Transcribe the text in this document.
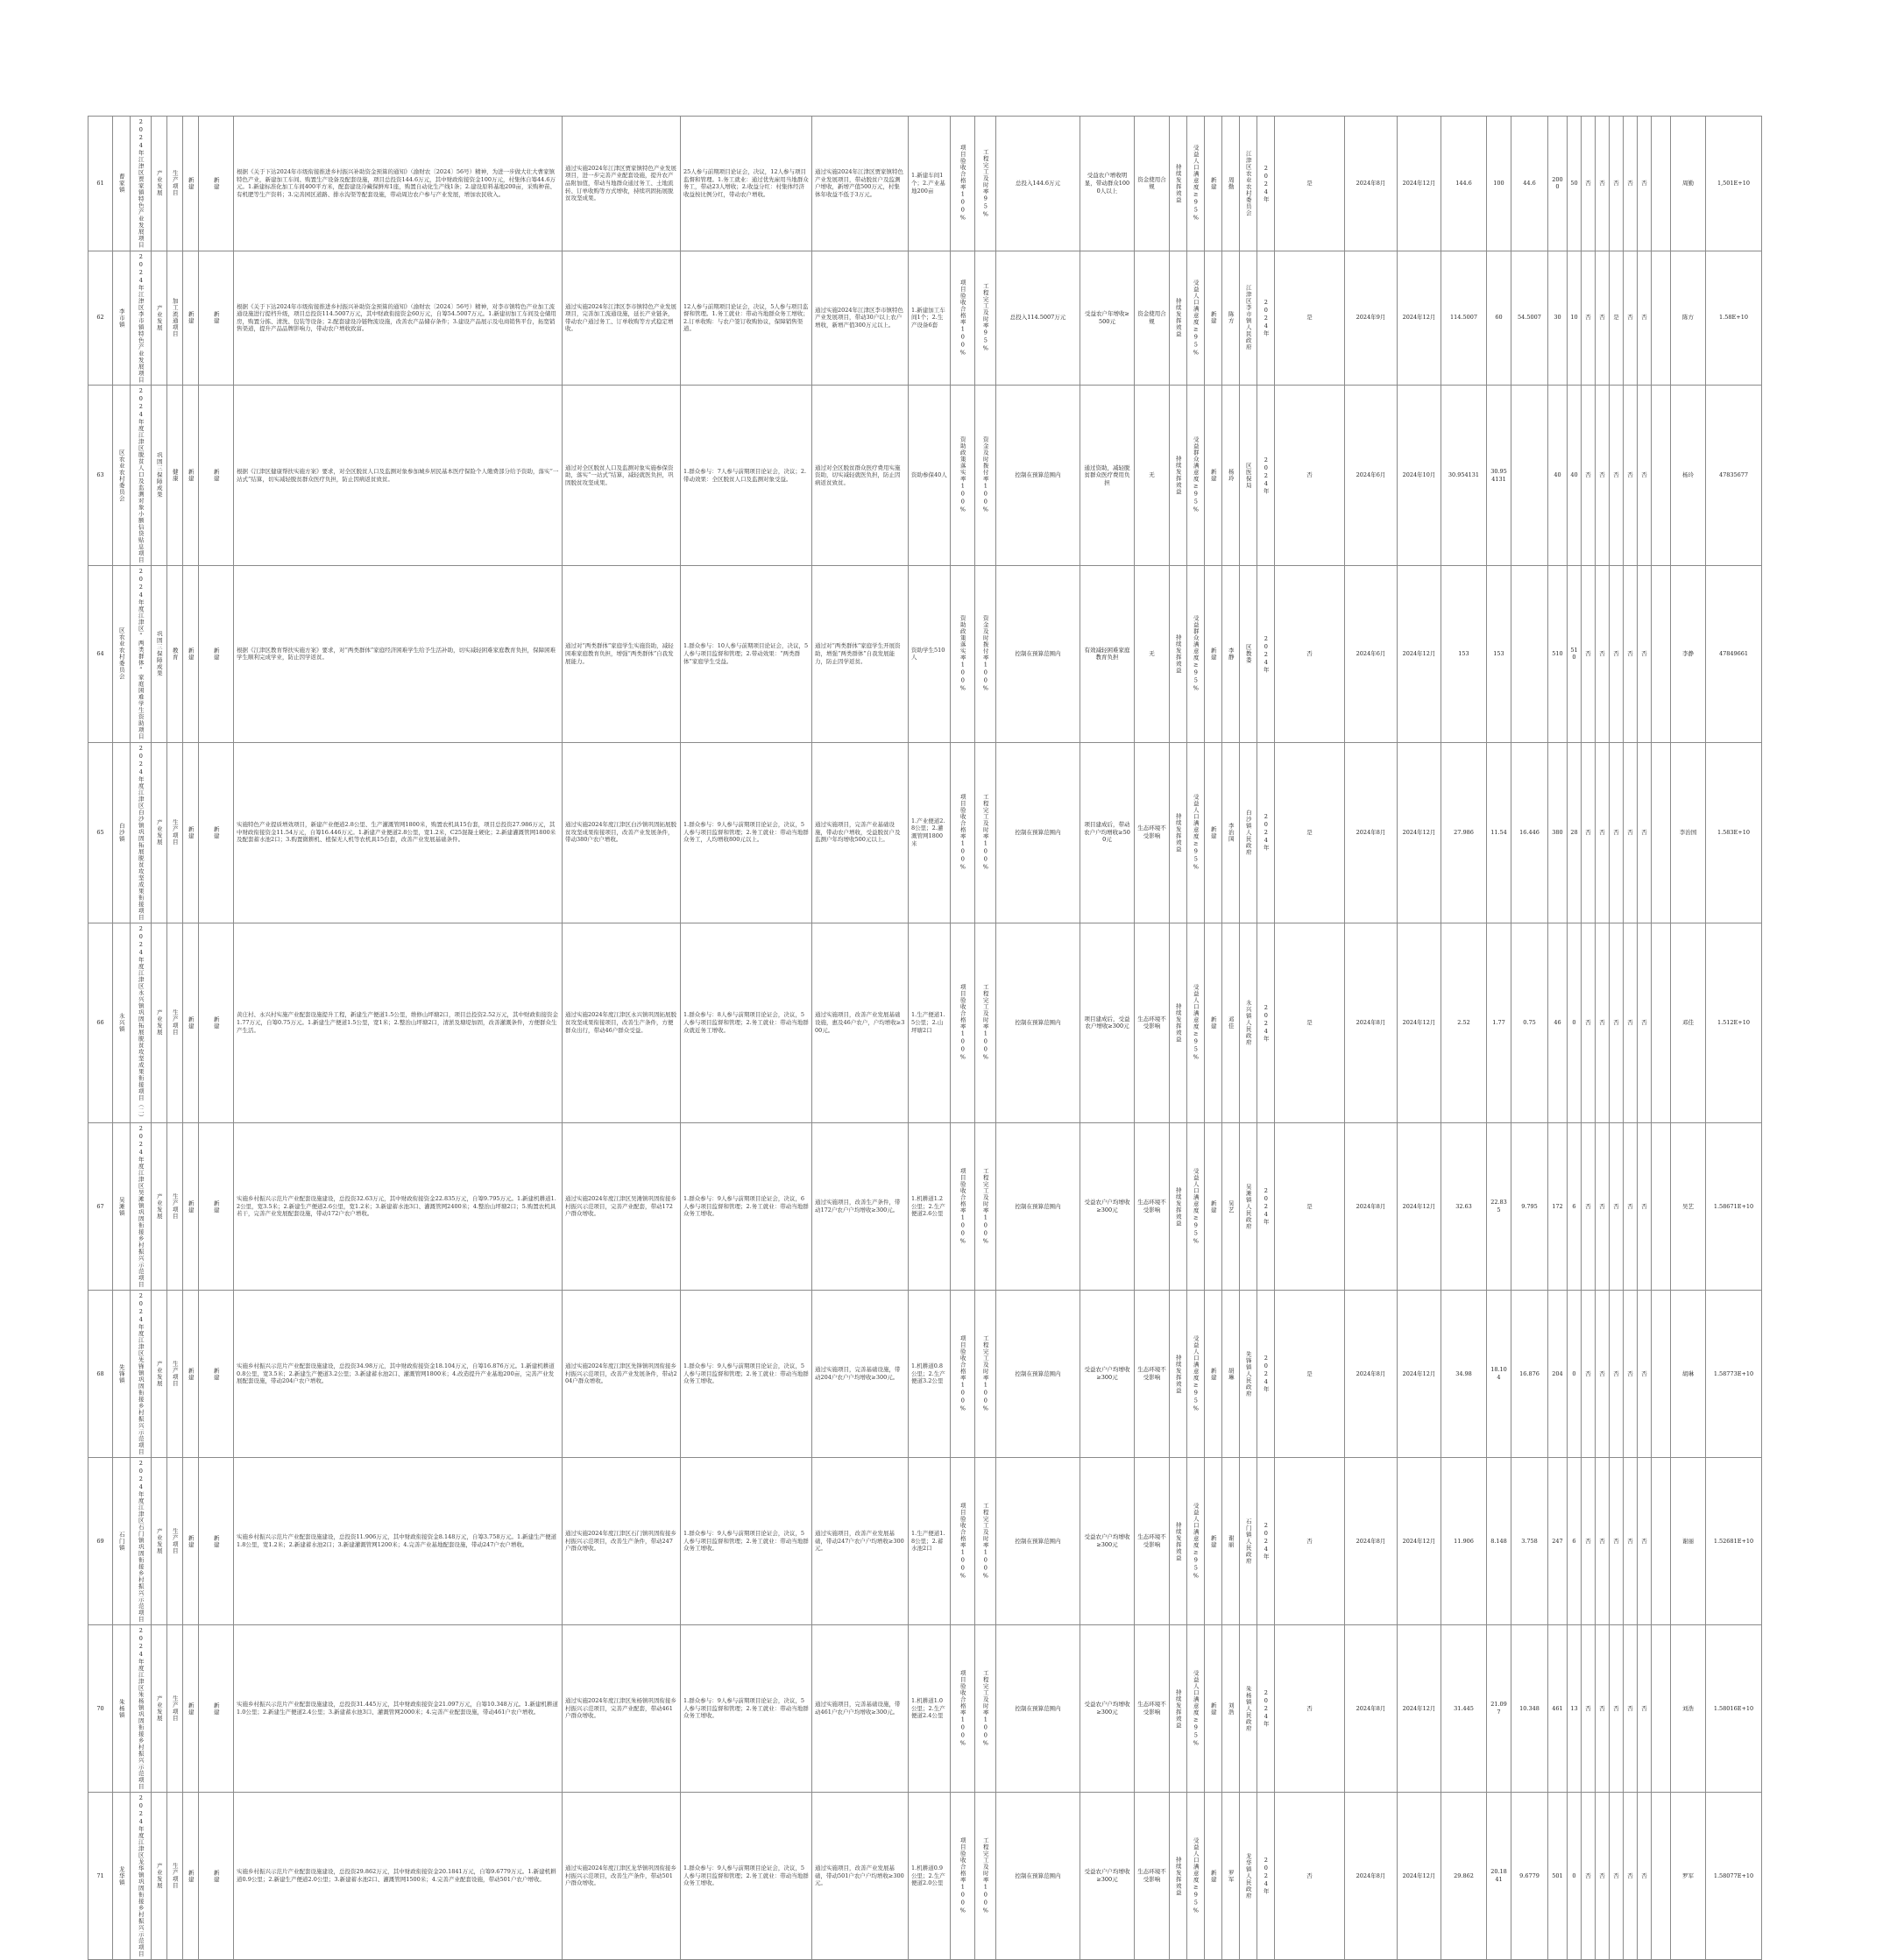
61	曹家镇	2024年江津区贾家镇特色产业发展项目	产业发展	生产项目	新建	新建	根据《关于下达2024年市级衔接推进乡村振兴补助资金预算的通知》（渝财农〔2024〕56号）精神，为进一步做大壮大曹家镇特色产业，新建加工车间、购置生产设备及配套设施，项目总投资144.6万元，其中财政衔接资金100万元，村集体自筹44.6万元。1.新建标准化加工车间400平方米，配套建设冷藏保鲜库1座，购置自动化生产线1条；2.建设原料基地200亩，采购种苗、有机肥等生产资料；3.完善园区道路、排水沟渠等配套设施，带动周边农户参与产业发展，增加农民收入。	通过实施2024年江津区贾家镇特色产业发展项目，进一步完善产业配套设施，提升农产品附加值，带动当地群众通过务工、土地流转、订单收购等方式增收，持续巩固拓展脱贫攻坚成果。	25人参与前期项目论证会，决议，12人参与项目监督和管理。1.务工就业：通过优先雇用当地群众务工，带动23人增收；2.收益分红：村集体经济收益按比例分红，带动农户增收。	通过实施2024年江津区贾家镇特色产业发展项目，带动脱贫户及监测户增收，新增产值500万元，村集体年收益不低于3万元。	1.新建车间1个；2.产业基地200亩	项目验收合格率100%	工程完工及时率95%	总投入144.6万元	受益农户增收明显，带动群众1000人以上	资金使用合规	持续发挥效益	受益人口满意度≥95%	新建	周勤	江津区农业农村委员会	2024年	是	2024年8月	2024年12月	144.6	100	44.6	2000	50	否	否	否	否	否		周勤	1,501E+10
62	李市镇	2024年江津区李市镇特色产业发展项目	产业发展	加工流通项目	新建	新建	根据《关于下达2024年市级衔接推进乡村振兴补助资金预算的通知》（渝财农〔2024〕56号）精神，对李市镇特色产业加工流通设施进行提档升级，项目总投资114.5007万元，其中财政衔接资金60万元，自筹54.5007万元。1.新建初加工车间及仓储用房，购置分拣、清洗、包装等设备；2.配套建设冷链物流设施，改善农产品储存条件；3.建设产品展示及电商销售平台，拓宽销售渠道，提升产品品牌影响力，带动农户增收致富。	通过实施2024年江津区李市镇特色产业发展项目，完善加工流通设施，延长产业链条，带动农户通过务工、订单收购等方式稳定增收。	12人参与前期项目论证会，决议，5人参与项目监督和管理。1.务工就业：带动当地群众务工增收；2.订单收购：与农户签订收购协议，保障销售渠道。	通过实施2024年江津区李市镇特色产业发展项目，带动30户以上农户增收，新增产值300万元以上。	1.新建加工车间1个；2.生产设备6套	项目验收合格率100%	工程完工及时率95%	总投入114.5007万元	受益农户年增收≥500元	资金使用合规	持续发挥效益	受益人口满意度≥95%	新建	陈方	江津区李市镇人民政府	2024年	是	2024年9月	2024年12月	114.5007	60	54.5007	30	10	否	否	是	否	否		陈方	1.58E+10
63	区农业农村委员会	2024年度江津区脱贫人口及监测对象小额信贷贴息项目	巩固三保障成果	健康	新建	新建	根据《江津区健康帮扶实施方案》要求，对全区脱贫人口及监测对象参加城乡居民基本医疗保险个人缴费部分给予资助，落实“一站式”结算，切实减轻脱贫群众医疗负担，防止因病返贫致贫。	通过对全区脱贫人口及监测对象实施参保资助，落实“一站式”结算，减轻就医负担，巩固脱贫攻坚成果。	1.群众参与：7人参与前期项目论证会，决议；2.带动效果：全区脱贫人口及监测对象受益。	通过对全区脱贫群众医疗费用实施资助，切实减轻就医负担，防止因病返贫致贫。	资助参保40人	资助政策落实率100%	资金及时拨付率100%	控制在预算范围内	通过资助，减轻脱贫群众医疗费用负担	无	持续发挥效益	受益群众满意度≥95%	新建	杨玲	区医保局	2024年	否	2024年6月	2024年10月	30.954131	30.954131		40	40	否	否	否	否	否		杨玲	47835677
64	区农业农村委员会	2024年度江津区“两类群体”家庭困难学生资助项目	巩固三保障成果	教育	新建	新建	根据《江津区教育帮扶实施方案》要求，对“两类群体”家庭经济困难学生给予生活补助，切实减轻困难家庭教育负担，保障困难学生顺利完成学业，防止因学返贫。	通过对“两类群体”家庭学生实施资助，减轻困难家庭教育负担，增强“两类群体”自我发展能力。	1.群众参与：10人参与前期项目论证会，决议，5人参与项目监督和管理；2.带动效果：“两类群体”家庭学生受益。	通过对“两类群体”家庭学生开展资助，增强“两类群体”自我发展能力，防止因学返贫。	资助学生510人	资助政策落实率100%	资金及时拨付率100%	控制在预算范围内	有效减轻困难家庭教育负担	无	持续发挥效益	受益群众满意度≥95%	新建	李静	区教委	2024年	否	2024年6月	2024年12月	153	153		510	510	否	否	否	否	否		李静	47849661
65	白沙镇	2024年度江津区白沙镇巩固拓展脱贫攻坚成果衔接项目	产业发展	生产项目	新建	新建	实施特色产业提质增效项目，新建产业便道2.8公里、生产灌溉管网1800米，购置农机具15台套，项目总投资27.986万元，其中财政衔接资金11.54万元，自筹16.446万元。1.新建产业便道2.8公里，宽1.2米，C25混凝土硬化；2.新建灌溉管网1800米及配套蓄水池2口；3.购置微耕机、植保无人机等农机具15台套，改善产业发展基础条件。	通过实施2024年度江津区白沙镇巩固拓展脱贫攻坚成果衔接项目，改善产业发展条件，带动380户农户增收。	1.群众参与：9人参与前期项目论证会，决议，5人参与项目监督和管理；2.务工就业：带动当地群众务工，人均增收800元以上。	通过实施项目，完善产业基础设施，带动农户增收，受益脱贫户及监测户年均增收500元以上。	1.产业便道2.8公里；2.灌溉管网1800米	项目验收合格率100%	工程完工及时率100%	控制在预算范围内	项目建成后，带动农户户均增收≥500元	生态环境不受影响	持续发挥效益	受益人口满意度≥95%	新建	李治国	白沙镇人民政府	2024年	是	2024年8月	2024年12月	27.986	11.54	16.446	380	28	否	否	否	否	否		李治国	1.583E+10
66	永兴镇	2024年度江津区永兴镇巩固拓展脱贫攻坚成果衔接项目（二）	产业发展	生产项目	新建	新建	黄庄村、永兴村实施产业配套设施提升工程，新建生产便道1.5公里，维修山坪塘2口，项目总投资2.52万元，其中财政衔接资金1.77万元，自筹0.75万元。1.新建生产便道1.5公里，宽1米；2.整治山坪塘2口，清淤及塘堤加固，改善灌溉条件，方便群众生产生活。	通过实施2024年度江津区永兴镇巩固拓展脱贫攻坚成果衔接项目，改善生产条件，方便群众出行，带动46户群众受益。	1.群众参与：8人参与前期项目论证会，决议，5人参与项目监督和管理；2.务工就业：带动当地群众就近务工增收。	通过实施项目，改善产业发展基础设施，惠及46户农户，户均增收≥300元。	1.生产便道1.5公里；2.山坪塘2口	项目验收合格率100%	工程完工及时率100%	控制在预算范围内	项目建成后，受益农户增收≥300元	生态环境不受影响	持续发挥效益	受益人口满意度≥95%	新建	邓佳	永兴镇人民政府	2024年	是	2024年8月	2024年12月	2.52	1.77	0.75	46	0	否	否	否	否	否		邓佳	1.512E+10
67	吴滩镇	2024年度江津区吴滩镇巩固衔接乡村振兴示范项目	产业发展	生产项目	新建	新建	实施乡村振兴示范片产业配套设施建设，总投资32.63万元，其中财政衔接资金22.835万元，自筹9.795万元。1.新建机耕道1.2公里，宽3.5米；2.新建生产便道2.6公里，宽1.2米；3.新建蓄水池3口、灌溉管网2400米；4.整治山坪塘2口；5.购置农机具若干，完善产业发展配套设施，带动172户农户增收。	通过实施2024年度江津区吴滩镇巩固衔接乡村振兴示范项目，完善产业配套，带动172户群众增收。	1.群众参与：9人参与前期项目论证会，决议，6人参与项目监督和管理；2.务工就业：带动当地群众务工增收。	通过实施项目，改善生产条件，带动172户农户户均增收≥300元。	1.机耕道1.2公里；2.生产便道2.6公里	项目验收合格率100%	工程完工及时率100%	控制在预算范围内	受益农户户均增收≥300元	生态环境不受影响	持续发挥效益	受益人口满意度≥95%	新建	吴艺	吴滩镇人民政府	2024年	是	2024年8月	2024年12月	32.63	22.835	9.795	172	6	否	否	否	否	否		吴艺	1.58671E+10
68	先锋镇	2024年度江津区先锋镇巩固衔接乡村振兴示范项目	产业发展	生产项目	新建	新建	实施乡村振兴示范片产业配套设施建设，总投资34.98万元，其中财政衔接资金18.104万元，自筹16.876万元。1.新建机耕道0.8公里，宽3.5米；2.新建生产便道3.2公里；3.新建蓄水池2口、灌溉管网1800米；4.改造提升产业基地200亩，完善产业发展配套设施，带动204户农户增收。	通过实施2024年度江津区先锋镇巩固衔接乡村振兴示范项目，改善产业发展条件，带动204户群众增收。	1.群众参与：9人参与前期项目论证会，决议，5人参与项目监督和管理；2.务工就业：带动当地群众务工增收。	通过实施项目，完善基础设施，带动204户农户户均增收≥300元。	1.机耕道0.8公里；2.生产便道3.2公里	项目验收合格率100%	工程完工及时率100%	控制在预算范围内	受益农户户均增收≥300元	生态环境不受影响	持续发挥效益	受益人口满意度≥95%	新建	胡琳	先锋镇人民政府	2024年	是	2024年8月	2024年12月	34.98	18.104	16.876	204	0	否	否	否	否	否		胡琳	1.58773E+10
69	石门镇	2024年度江津区石门镇巩固衔接乡村振兴示范项目	产业发展	生产项目	新建	新建	实施乡村振兴示范片产业配套设施建设，总投资11.906万元，其中财政衔接资金8.148万元，自筹3.758万元。1.新建生产便道1.8公里，宽1.2米；2.新建蓄水池2口；3.新建灌溉管网1200米；4.完善产业基地配套设施，带动247户农户增收。	通过实施2024年度江津区石门镇巩固衔接乡村振兴示范项目，改善生产条件，带动247户群众增收。	1.群众参与：9人参与前期项目论证会，决议，5人参与项目监督和管理；2.务工就业：带动当地群众务工增收。	通过实施项目，改善产业发展基础，带动247户农户户均增收≥300元。	1.生产便道1.8公里；2.蓄水池2口	项目验收合格率100%	工程完工及时率100%	控制在预算范围内	受益农户户均增收≥300元	生态环境不受影响	持续发挥效益	受益人口满意度≥95%	新建	谢丽	石门镇人民政府	2024年	否	2024年8月	2024年12月	11.906	8.148	3.758	247	6	否	否	否	否	否		谢丽	1.52681E+10
70	朱杨镇	2024年度江津区朱杨镇巩固衔接乡村振兴示范项目	产业发展	生产项目	新建	新建	实施乡村振兴示范片产业配套设施建设，总投资31.445万元，其中财政衔接资金21.097万元，自筹10.348万元。1.新建机耕道1.0公里；2.新建生产便道2.4公里；3.新建蓄水池3口、灌溉管网2000米；4.完善产业配套设施，带动461户农户增收。	通过实施2024年度江津区朱杨镇巩固衔接乡村振兴示范项目，完善产业配套，带动461户群众增收。	1.群众参与：9人参与前期项目论证会，决议，5人参与项目监督和管理；2.务工就业：带动当地群众务工增收。	通过实施项目，完善基础设施，带动461户农户户均增收≥300元。	1.机耕道1.0公里；2.生产便道2.4公里	项目验收合格率100%	工程完工及时率100%	控制在预算范围内	受益农户户均增收≥300元	生态环境不受影响	持续发挥效益	受益人口满意度≥95%	新建	刘浩	朱杨镇人民政府	2024年	否	2024年8月	2024年12月	31.445	21.097	10.348	461	13	否	否	否	否	否		刘浩	1.58016E+10
71	龙华镇	2024年度江津区龙华镇巩固衔接乡村振兴示范项目	产业发展	生产项目	新建	新建	实施乡村振兴示范片产业配套设施建设，总投资29.862万元，其中财政衔接资金20.1841万元，自筹9.6779万元。1.新建机耕道0.9公里；2.新建生产便道2.0公里；3.新建蓄水池2口、灌溉管网1500米；4.完善产业配套设施，带动501户农户增收。	通过实施2024年度江津区龙华镇巩固衔接乡村振兴示范项目，改善生产条件，带动501户群众增收。	1.群众参与：9人参与前期项目论证会，决议，5人参与项目监督和管理；2.务工就业：带动当地群众务工增收。	通过实施项目，改善产业发展基础，带动501户农户户均增收≥300元。	1.机耕道0.9公里；2.生产便道2.0公里	项目验收合格率100%	工程完工及时率100%	控制在预算范围内	受益农户户均增收≥300元	生态环境不受影响	持续发挥效益	受益人口满意度≥95%	新建	罗军	龙华镇人民政府	2024年	否	2024年8月	2024年12月	29.862	20.1841	9.6779	501	0	否	否	否	否	否		罗军	1.58077E+10
